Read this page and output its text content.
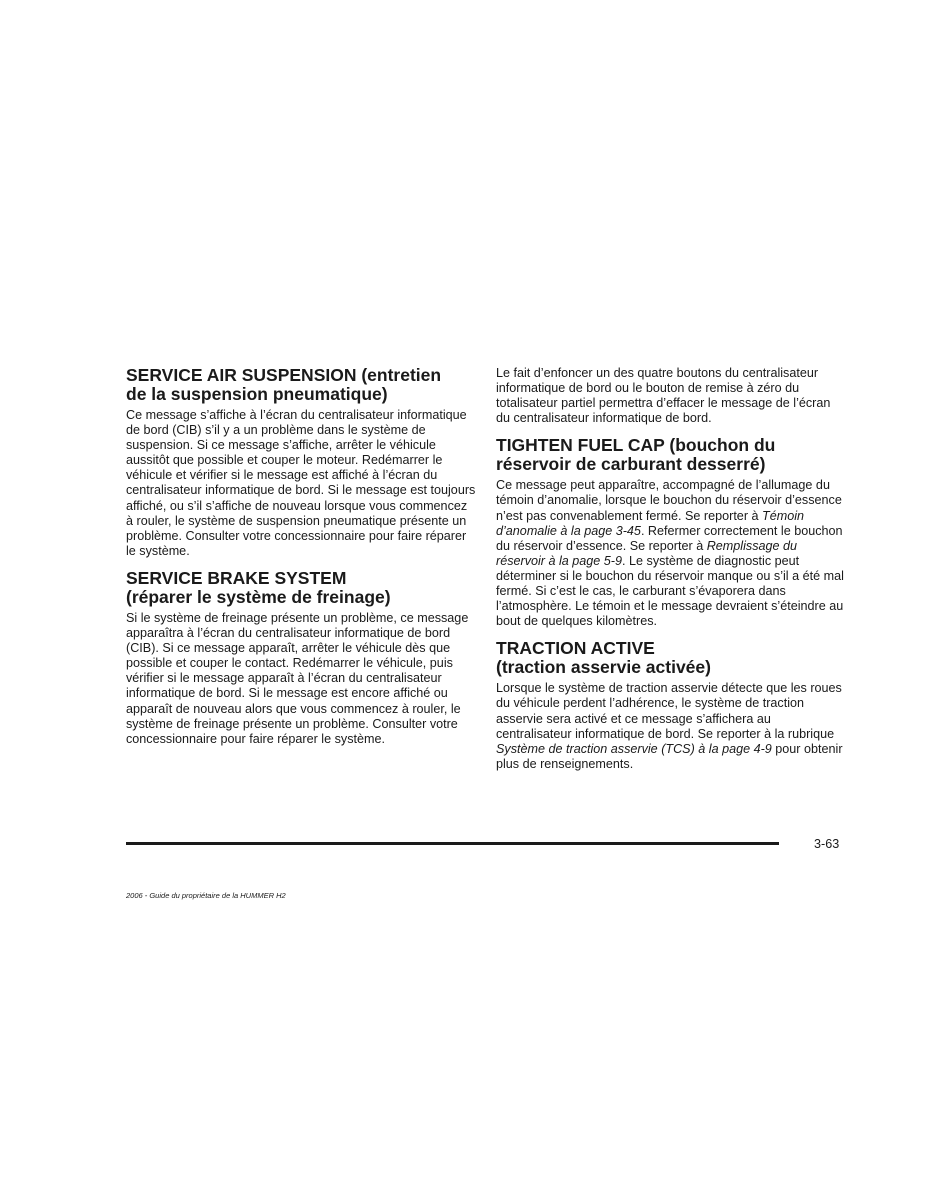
SERVICE AIR SUSPENSION (entretien
de la suspension pneumatique)

Ce message s’affiche à l’écran du centralisateur informatique de bord (CIB) s’il y a un problème dans le système de suspension. Si ce message s’affiche, arrêter le véhicule aussitôt que possible et couper le moteur. Redémarrer le véhicule et vérifier si le message est affiché à l’écran du centralisateur informatique de bord. Si le message est toujours affiché, ou s’il s’affiche de nouveau lorsque vous commencez à rouler, le système de suspension pneumatique présente un problème. Consulter votre concessionnaire pour faire réparer le système.

SERVICE BRAKE SYSTEM
(réparer le système de freinage)

Si le système de freinage présente un problème, ce message apparaîtra à l’écran du centralisateur informatique de bord (CIB). Si ce message apparaît, arrêter le véhicule dès que possible et couper le contact. Redémarrer le véhicule, puis vérifier si le message apparaît à l’écran du centralisateur informatique de bord. Si le message est encore affiché ou apparaît de nouveau alors que vous commencez à rouler, le système de freinage présente un problème. Consulter votre concessionnaire pour faire réparer le système.

Le fait d’enfoncer un des quatre boutons du centralisateur informatique de bord ou le bouton de remise à zéro du totalisateur partiel permettra d’effacer le message de l’écran du centralisateur informatique de bord.

TIGHTEN FUEL CAP (bouchon du
réservoir de carburant desserré)

Ce message peut apparaître, accompagné de l’allumage du témoin d’anomalie, lorsque le bouchon du réservoir d’essence n’est pas convenablement fermé. Se reporter à Témoin d’anomalie à la page 3-45. Refermer correctement le bouchon du réservoir d’essence. Se reporter à Remplissage du réservoir à la page 5-9. Le système de diagnostic peut déterminer si le bouchon du réservoir manque ou s’il a été mal fermé. Si c’est le cas, le carburant s’évaporera dans l’atmosphère. Le témoin et le message devraient s’éteindre au bout de quelques kilomètres.

TRACTION ACTIVE
(traction asservie activée)

Lorsque le système de traction asservie détecte que les roues du véhicule perdent l’adhérence, le système de traction asservie sera activé et ce message s’affichera au centralisateur informatique de bord. Se reporter à la rubrique Système de traction asservie (TCS) à la page 4-9 pour obtenir plus de renseignements.

3-63
2006 - Guide du propriétaire de la HUMMER H2
